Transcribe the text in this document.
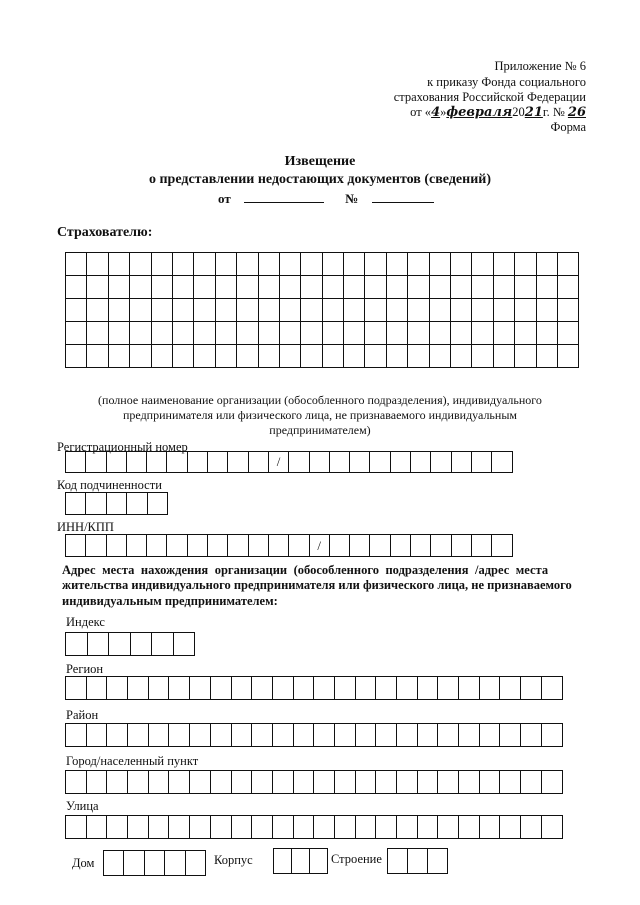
Приложение № 6
к приказу Фонда социального
страхования Российской Федерации
от «4»февраля2021г. № 26
Форма
Извещение
о представлении недостающих документов (сведений)
от	№
Страхователю:
(полное наименование организации (обособленного подразделения), индивидуального
предпринимателя или физического лица, не признаваемого индивидуальным
предпринимателем)
Регистрационный номер
/
Код подчиненности
ИНН/КПП
/
Адрес места нахождения организации (обособленного подразделения /адрес места
жительства индивидуального предпринимателя или физического лица, не признаваемого
индивидуальным предпринимателем:
Индекс
Регион
Район
Город/населенный пункт
Улица
Дом	Корпус	Строение
